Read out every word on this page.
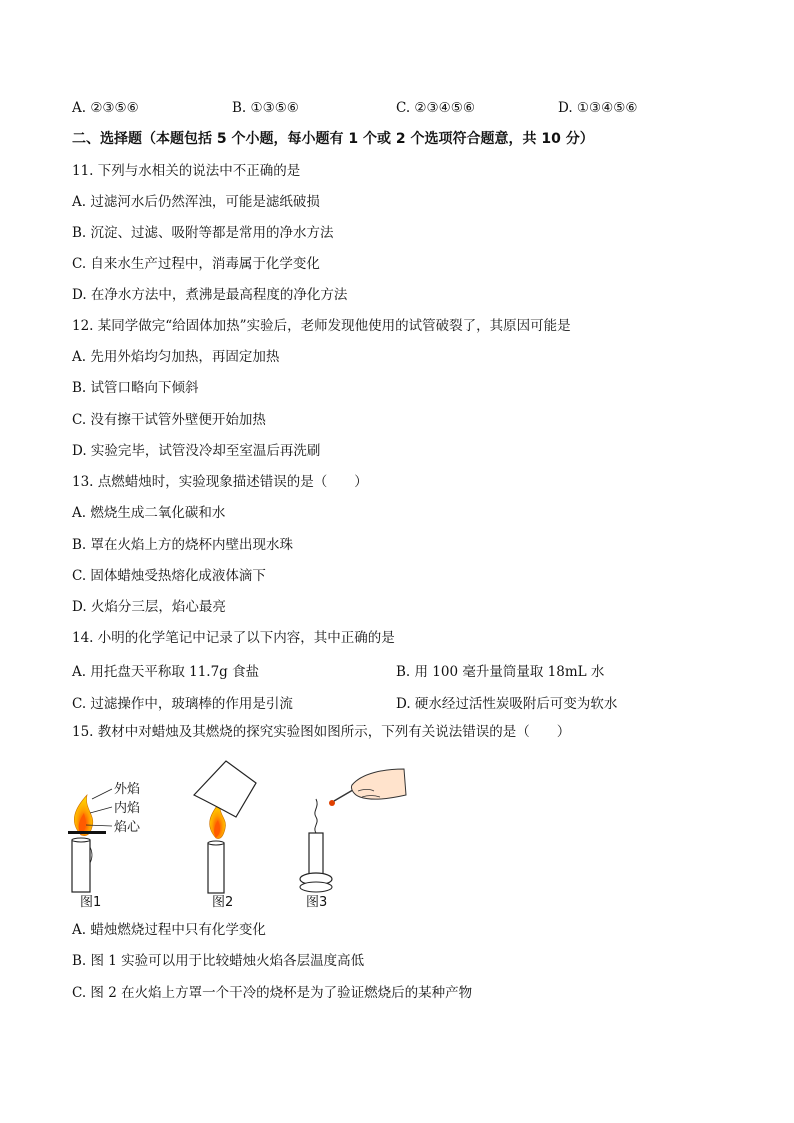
A. ②③⑤⑥	B. ①③⑤⑥	C. ②③④⑤⑥	D. ①③④⑤⑥
二、选择题（本题包括 5 个小题，每小题有 1 个或 2 个选项符合题意，共 10 分）
11. 下列与水相关的说法中不正确的是
A. 过滤河水后仍然浑浊，可能是滤纸破损
B. 沉淀、过滤、吸附等都是常用的净水方法
C. 自来水生产过程中，消毒属于化学变化
D. 在净水方法中，煮沸是最高程度的净化方法
12. 某同学做完“给固体加热”实验后，老师发现他使用的试管破裂了，其原因可能是
A. 先用外焰均匀加热，再固定加热
B. 试管口略向下倾斜
C. 没有擦干试管外壁便开始加热
D. 实验完毕，试管没冷却至室温后再洗刷
13. 点燃蜡烛时，实验现象描述错误的是（　　）
A. 燃烧生成二氧化碳和水
B. 罩在火焰上方的烧杯内壁出现水珠
C. 固体蜡烛受热熔化成液体滴下
D. 火焰分三层，焰心最亮
14. 小明的化学笔记中记录了以下内容，其中正确的是
A. 用托盘天平称取 11.7g 食盐	B. 用 100 毫升量筒量取 18mL 水
C. 过滤操作中，玻璃棒的作用是引流	D. 硬水经过活性炭吸附后可变为软水
15. 教材中对蜡烛及其燃烧的探究实验图如图所示，下列有关说法错误的是（　　）
外焰
内焰
焰心
图1	图2	图3
A. 蜡烛燃烧过程中只有化学变化
B. 图 1 实验可以用于比较蜡烛火焰各层温度高低
C. 图 2 在火焰上方罩一个干冷的烧杯是为了验证燃烧后的某种产物
